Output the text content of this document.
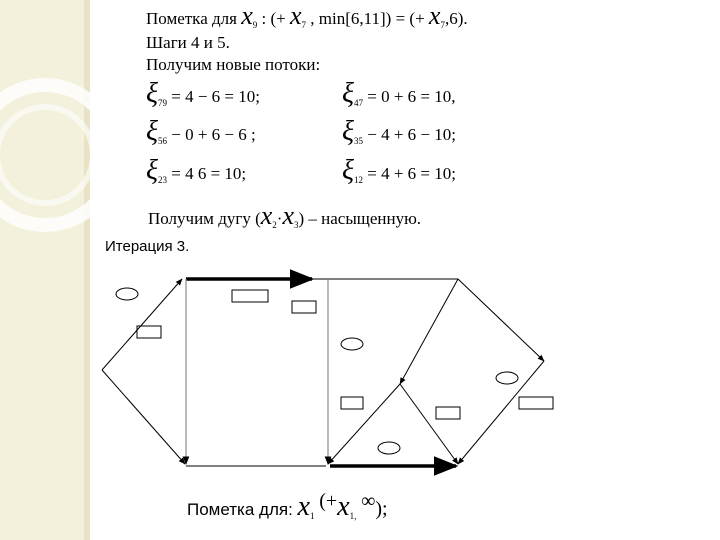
Пометка для $x_9$ : (+ $x_7$ , min[6,11]) = (+ $x_7,6$).
Шаги 4 и 5.
Получим новые потоки:
$\xi_{79} = 4 - 6 = 10$;	$\xi_{47} = 0 + 6 = 10$,
$\xi_{56} - 0 + 6 - 6$ ;	$\xi_{35} - 4 + 6 - 10$;
$\xi_{23} = 4$ 6 = 10;	$\xi_{12} = 4 + 6 = 10$;
Получим дугу $(x_2\cdot x_3)$ – насыщенную.
Итерация 3.
Пометка для: $x_1$ ($+x_{1,}$ ∞);
